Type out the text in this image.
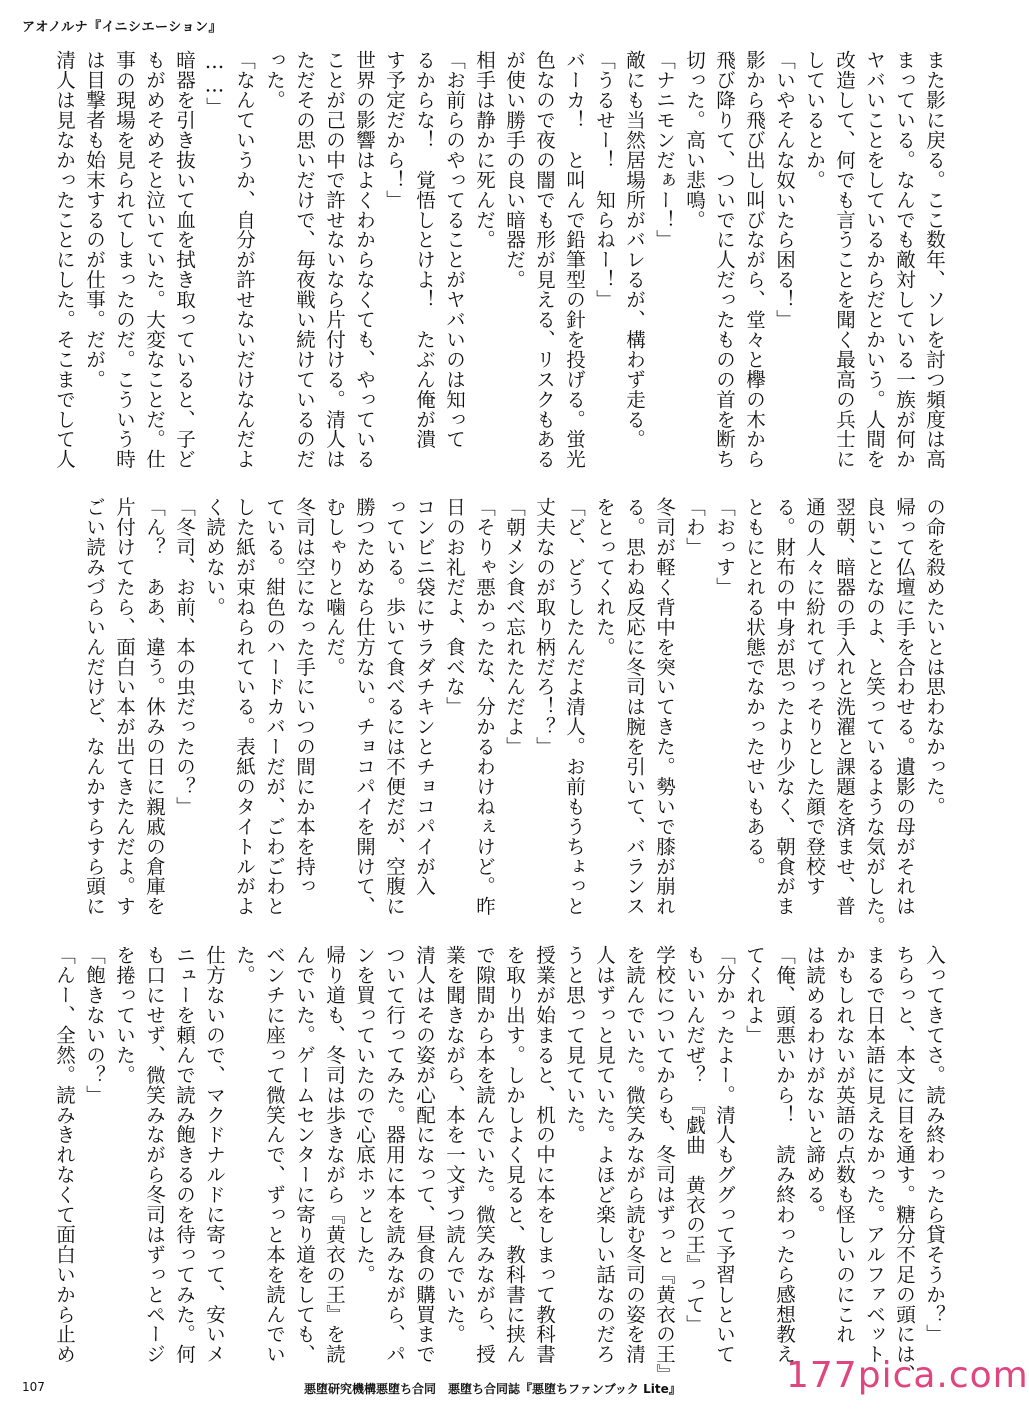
アオノルナ『イニシエーション』
また影に戻る。ここ数年、ソレを討つ頻度は高
まっている。なんでも敵対している一族が何か
ヤバいことをしているからだとかいう。人間を
改造して、何でも言うことを聞く最高の兵士に
しているとか。
「いやそんな奴いたら困る！」
影から飛び出し叫びながら、堂々と欅の木から
飛び降りて、ついでに人だったものの首を断ち
切った。高い悲鳴。
「ナニモンだぁー！」
敵にも当然居場所がバレるが、構わず走る。
「うるせー！　知らねー！」
バーカ！　と叫んで鉛筆型の針を投げる。蛍光
色なので夜の闇でも形が見える、リスクもある
が使い勝手の良い暗器だ。
相手は静かに死んだ。
「お前らのやってることがヤバいのは知って
るからな！　覚悟しとけよ！　たぶん俺が潰
す予定だから！」
世界の影響はよくわからなくても、やっている
ことが己の中で許せないなら片付ける。清人は
ただその思いだけで、毎夜戦い続けているのだ
った。
「なんていうか、自分が許せないだけなんだよ
……」
暗器を引き抜いて血を拭き取っていると、子ど
もがめそめそと泣いていた。大変なことだ。仕
事の現場を見られてしまったのだ。こういう時
は目撃者も始末するのが仕事。だが。
清人は見なかったことにした。そこまでして人
の命を殺めたいとは思わなかった。
帰って仏壇に手を合わせる。遺影の母がそれは
良いことなのよ、と笑っているような気がした。
翌朝、暗器の手入れと洗濯と課題を済ませ、普
通の人々に紛れてげっそりとした顔で登校す
る。財布の中身が思ったより少なく、朝食がま
ともにとれる状態でなかったせいもある。
「おっす」
「わ」
冬司が軽く背中を突いてきた。勢いで膝が崩れ
る。思わぬ反応に冬司は腕を引いて、バランス
をとってくれた。
「ど、どうしたんだよ清人。お前もうちょっと
丈夫なのが取り柄だろ！？」
「朝メシ食べ忘れたんだよ」
「そりゃ悪かったな、分かるわけねぇけど。昨
日のお礼だよ、食べな」
コンビニ袋にサラダチキンとチョコパイが入
っている。歩いて食べるには不便だが、空腹に
勝つためなら仕方ない。チョコパイを開けて、
むしゃりと噛んだ。
冬司は空になった手にいつの間にか本を持っ
ている。紺色のハードカバーだが、ごわごわと
した紙が束ねられている。表紙のタイトルがよ
く読めない。
「冬司、お前、本の虫だったの？」
「ん？　ああ、違う。休みの日に親戚の倉庫を
片付けてたら、面白い本が出てきたんだよ。す
ごい読みづらいんだけど、なんかすらすら頭に
入ってきてさ。読み終わったら貸そうか？」
ちらっと、本文に目を通す。糖分不足の頭には、
まるで日本語に見えなかった。アルファベット
かもしれないが英語の点数も怪しいのにこれ
は読めるわけがないと諦める。
「俺、頭悪いから！　読み終わったら感想教え
てくれよ」
「分かったよー。清人もググって予習しといて
もいいんだぜ？　『戯曲　黄衣の王』って」
学校についてからも、冬司はずっと『黄衣の王』
を読んでいた。微笑みながら読む冬司の姿を清
人はずっと見ていた。よほど楽しい話なのだろ
うと思って見ていた。
授業が始まると、机の中に本をしまって教科書
を取り出す。しかしよく見ると、教科書に挟ん
で隙間から本を読んでいた。微笑みながら、授
業を聞きながら、本を一文ずつ読んでいた。
清人はその姿が心配になって、昼食の購買まで
ついて行ってみた。器用に本を読みながら、パ
ンを買っていたので心底ホッとした。
帰り道も、冬司は歩きながら『黄衣の王』を読
んでいた。ゲームセンターに寄り道をしても、
ベンチに座って微笑んで、ずっと本を読んでい
た。
仕方ないので、マクドナルドに寄って、安いメ
ニューを頼んで読み飽きるのを待ってみた。何
も口にせず、微笑みながら冬司はずっとページ
を捲っていた。
「飽きないの？」
「んー、全然。読みきれなくて面白いから止め
107	悪堕研究機構悪堕ち合同　悪堕ち合同誌『悪堕ちファンブック Lite』	177pica.com
